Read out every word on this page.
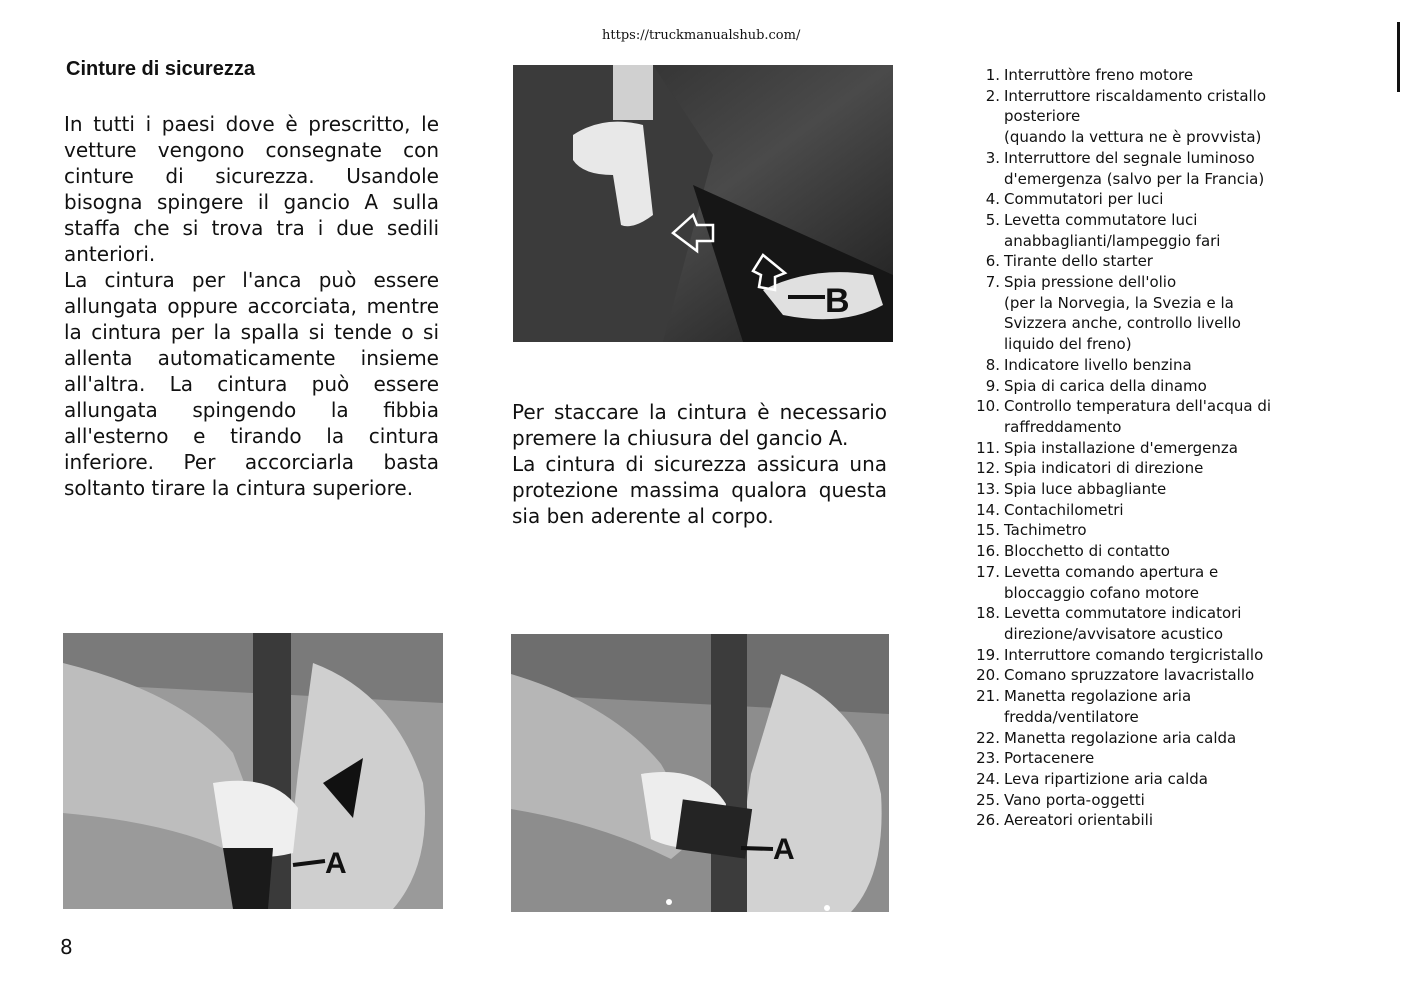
https://truckmanualshub.com/
Cinture di sicurezza

In tutti i paesi dove è prescritto, le vetture vengono consegnate con cinture di sicurezza. Usandole bisogna spingere il gancio A sulla staffa che si trova tra i due sedili anteriori.

La cintura per l'anca può essere allungata oppure accorciata, mentre la cintura per la spalla si tende o si allenta automaticamente insieme all'altra. La cintura può essere allungata spingendo la fibbia all'esterno e tirando la cintura inferiore. Per accorciarla basta soltanto tirare la cintura superiore.

B

Per staccare la cintura è necessario premere la chiusura del gancio A.

La cintura di sicurezza assicura una protezione massima qualora questa sia ben aderente al corpo.

A	A
1. Interruttòre freno motore
2. Interruttore riscaldamento cristallo posteriore
(quando la vettura ne è provvista)
3. Interruttore del segnale luminoso d'emergenza (salvo per la Francia)
4. Commutatori per luci
5. Levetta commutatore luci anabbaglianti/lampeggio fari
6. Tirante dello starter
7. Spia pressione dell'olio
(per la Norvegia, la Svezia e la Svizzera anche, controllo livello liquido del freno)
8. Indicatore livello benzina
9. Spia di carica della dinamo
10. Controllo temperatura dell'acqua di raffreddamento
11. Spia installazione d'emergenza
12. Spia indicatori di direzione
13. Spia luce abbagliante
14. Contachilometri
15. Tachimetro
16. Blocchetto di contatto
17. Levetta comando apertura e bloccaggio cofano motore
18. Levetta commutatore indicatori direzione/avvisatore acustico
19. Interruttore comando tergicristallo
20. Comano spruzzatore lavacristallo
21. Manetta regolazione aria fredda/ventilatore
22. Manetta regolazione aria calda
23. Portacenere
24. Leva ripartizione aria calda
25. Vano porta-oggetti
26. Aereatori orientabili
8
